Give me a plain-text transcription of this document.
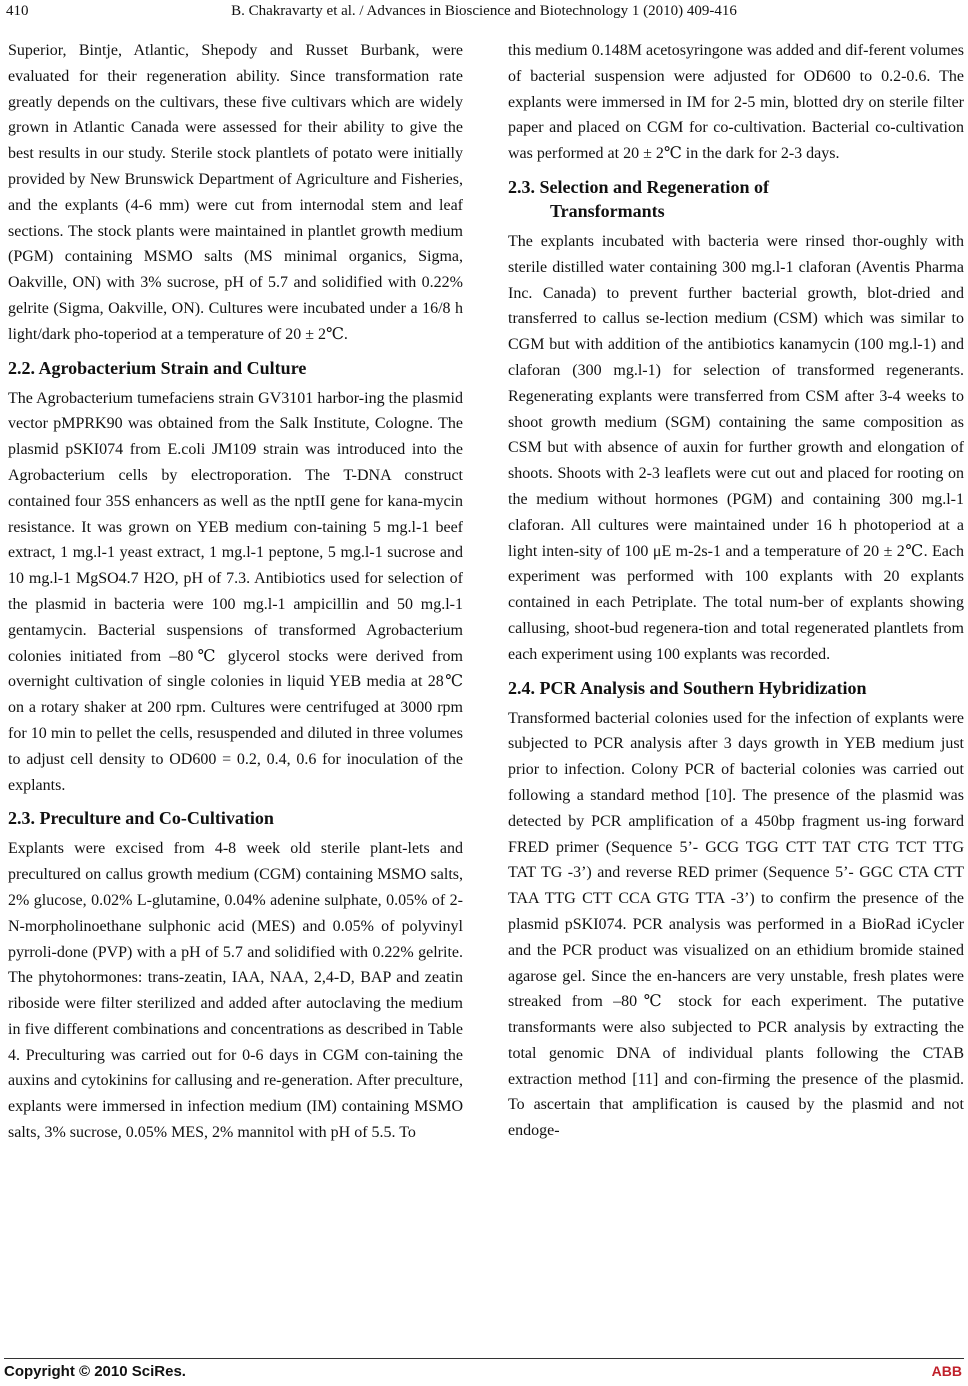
410	B. Chakravarty et al. / Advances in Bioscience and Biotechnology 1 (2010) 409-416

Superior, Bintje, Atlantic, Shepody and Russet Burbank, were evaluated for their regeneration ability. Since transformation rate greatly depends on the cultivars, these five cultivars which are widely grown in Atlantic Canada were assessed for their ability to give the best results in our study. Sterile stock plantlets of potato were initially provided by New Brunswick Department of Agriculture and Fisheries, and the explants (4-6 mm) were cut from internodal stem and leaf sections. The stock plants were maintained in plantlet growth medium (PGM) containing MSMO salts (MS minimal organics, Sigma, Oakville, ON) with 3% sucrose, pH of 5.7 and solidified with 0.22% gelrite (Sigma, Oakville, ON). Cultures were incubated under a 16/8 h light/dark pho-toperiod at a temperature of 20 ± 2℃.

2.2. Agrobacterium Strain and Culture

The Agrobacterium tumefaciens strain GV3101 harbor-ing the plasmid vector pMPRK90 was obtained from the Salk Institute, Cologne. The plasmid pSKI074 from E.coli JM109 strain was introduced into the Agrobacterium cells by electroporation. The T-DNA construct contained four 35S enhancers as well as the nptII gene for kana-mycin resistance. It was grown on YEB medium con-taining 5 mg.l-1 beef extract, 1 mg.l-1 yeast extract, 1 mg.l-1 peptone, 5 mg.l-1 sucrose and 10 mg.l-1 MgSO4.7 H2O, pH of 7.3. Antibiotics used for selection of the plasmid in bacteria were 100 mg.l-1 ampicillin and 50 mg.l-1 gentamycin. Bacterial suspensions of transformed Agrobacterium colonies initiated from –80℃ glycerol stocks were derived from overnight cultivation of single colonies in liquid YEB media at 28℃ on a rotary shaker at 200 rpm. Cultures were centrifuged at 3000 rpm for 10 min to pellet the cells, resuspended and diluted in three volumes to adjust cell density to OD600 = 0.2, 0.4, 0.6 for inoculation of the explants.

2.3. Preculture and Co-Cultivation

Explants were excised from 4-8 week old sterile plant-lets and precultured on callus growth medium (CGM) containing MSMO salts, 2% glucose, 0.02% L-glutamine, 0.04% adenine sulphate, 0.05% of 2-N-morpholinoethane sulphonic acid (MES) and 0.05% of polyvinyl pyrroli-done (PVP) with a pH of 5.7 and solidified with 0.22% gelrite. The phytohormones: trans-zeatin, IAA, NAA, 2,4-D, BAP and zeatin riboside were filter sterilized and added after autoclaving the medium in five different combinations and concentrations as described in Table 4. Preculturing was carried out for 0-6 days in CGM con-taining the auxins and cytokinins for callusing and re-generation. After preculture, explants were immersed in infection medium (IM) containing MSMO salts, 3% sucrose, 0.05% MES, 2% mannitol with pH of 5.5. To

this medium 0.148M acetosyringone was added and dif-ferent volumes of bacterial suspension were adjusted for OD600 to 0.2-0.6. The explants were immersed in IM for 2-5 min, blotted dry on sterile filter paper and placed on CGM for co-cultivation. Bacterial co-cultivation was performed at 20 ± 2℃ in the dark for 2-3 days.

2.3. Selection and Regeneration of
Transformants

The explants incubated with bacteria were rinsed thor-oughly with sterile distilled water containing 300 mg.l-1 claforan (Aventis Pharma Inc. Canada) to prevent further bacterial growth, blot-dried and transferred to callus se-lection medium (CSM) which was similar to CGM but with addition of the antibiotics kanamycin (100 mg.l-1) and claforan (300 mg.l-1) for selection of transformed regenerants. Regenerating explants were transferred from CSM after 3-4 weeks to shoot growth medium (SGM) containing the same composition as CSM but with absence of auxin for further growth and elongation of shoots. Shoots with 2-3 leaflets were cut out and placed for rooting on the medium without hormones (PGM) and containing 300 mg.l-1 claforan. All cultures were maintained under 16 h photoperiod at a light inten-sity of 100 μE m-2s-1 and a temperature of 20 ± 2℃. Each experiment was performed with 100 explants with 20 explants contained in each Petriplate. The total num-ber of explants showing callusing, shoot-bud regenera-tion and total regenerated plantlets from each experiment using 100 explants was recorded.

2.4. PCR Analysis and Southern Hybridization

Transformed bacterial colonies used for the infection of explants were subjected to PCR analysis after 3 days growth in YEB medium just prior to infection. Colony PCR of bacterial colonies was carried out following a standard method [10]. The presence of the plasmid was detected by PCR amplification of a 450bp fragment us-ing forward FRED primer (Sequence 5’- GCG TGG CTT TAT CTG TCT TTG TAT TG -3’) and reverse RED primer (Sequence 5’- GGC CTA CTT TAA TTG CTT CCA GTG TTA -3’) to confirm the presence of the plasmid pSKI074. PCR analysis was performed in a BioRad iCycler and the PCR product was visualized on an ethidium bromide stained agarose gel. Since the en-hancers are very unstable, fresh plates were streaked from –80℃ stock for each experiment. The putative transformants were also subjected to PCR analysis by extracting the total genomic DNA of individual plants following the CTAB extraction method [11] and con-firming the presence of the plasmid. To ascertain that amplification is caused by the plasmid and not endoge-

Copyright © 2010 SciRes.	ABB
